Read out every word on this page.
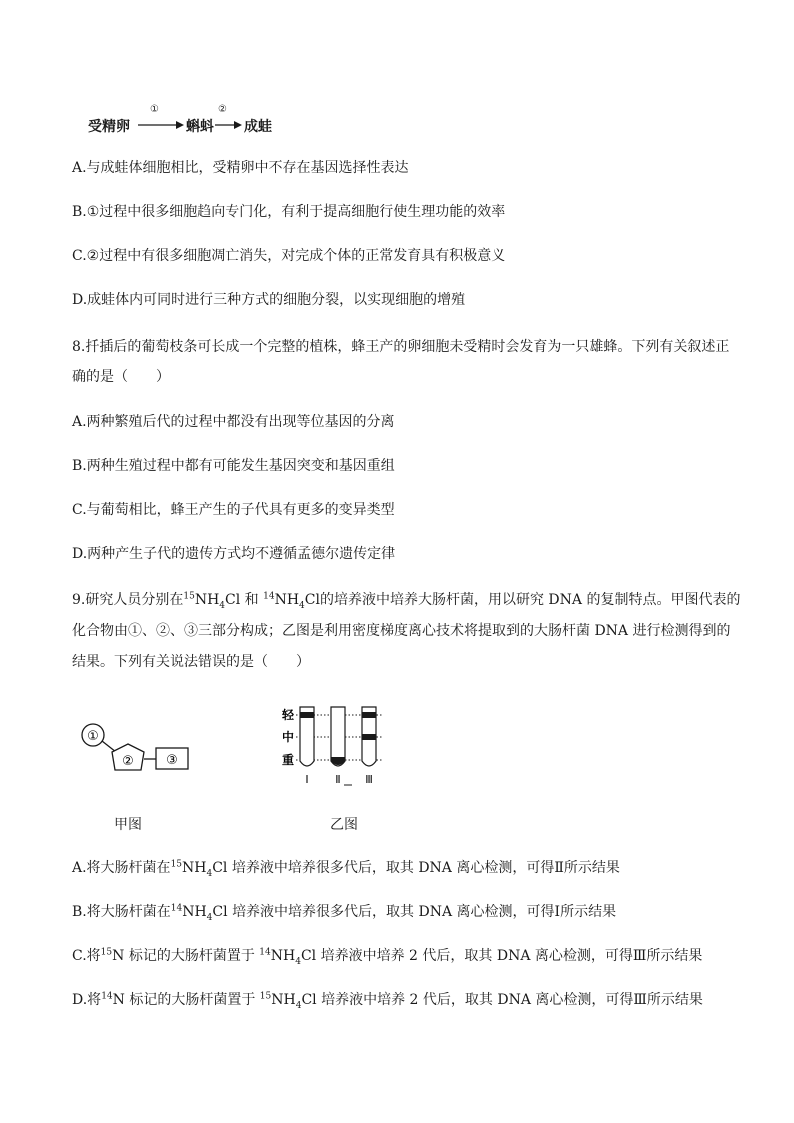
受精卵
①
蝌蚪
②
成蛙
A.与成蛙体细胞相比，受精卵中不存在基因选择性表达
B.①过程中很多细胞趋向专门化，有利于提高细胞行使生理功能的效率
C.②过程中有很多细胞凋亡消失，对完成个体的正常发育具有积极意义
D.成蛙体内可同时进行三种方式的细胞分裂，以实现细胞的增殖
8.扦插后的葡萄枝条可长成一个完整的植株，蜂王产的卵细胞未受精时会发育为一只雄蜂。下列有关叙述正
确的是（　　）
A.两种繁殖后代的过程中都没有出现等位基因的分离
B.两种生殖过程中都有可能发生基因突变和基因重组
C.与葡萄相比，蜂王产生的子代具有更多的变异类型
D.两种产生子代的遗传方式均不遵循孟德尔遗传定律
9.研究人员分别在$^{15}NH_4Cl$ 和 $^{14}NH_4Cl$的培养液中培养大肠杆菌，用以研究 DNA 的复制特点。甲图代表的
化合物由①、②、③三部分构成；乙图是利用密度梯度离心技术将提取到的大肠杆菌 DNA 进行检测得到的
结果。下列有关说法错误的是（　　）
①
② ③
甲图
轻
中
重
Ⅰ Ⅱ Ⅲ
乙图
A.将大肠杆菌在$^{15}NH_4Cl$ 培养液中培养很多代后，取其 DNA 离心检测，可得Ⅱ所示结果
B.将大肠杆菌在$^{14}NH_4Cl$ 培养液中培养很多代后，取其 DNA 离心检测，可得Ⅰ所示结果
C.将$^{15}$N 标记的大肠杆菌置于 $^{14}NH_4Cl$ 培养液中培养 2 代后，取其 DNA 离心检测，可得Ⅲ所示结果
D.将$^{14}$N 标记的大肠杆菌置于 $^{15}NH_4Cl$ 培养液中培养 2 代后，取其 DNA 离心检测，可得Ⅲ所示结果
